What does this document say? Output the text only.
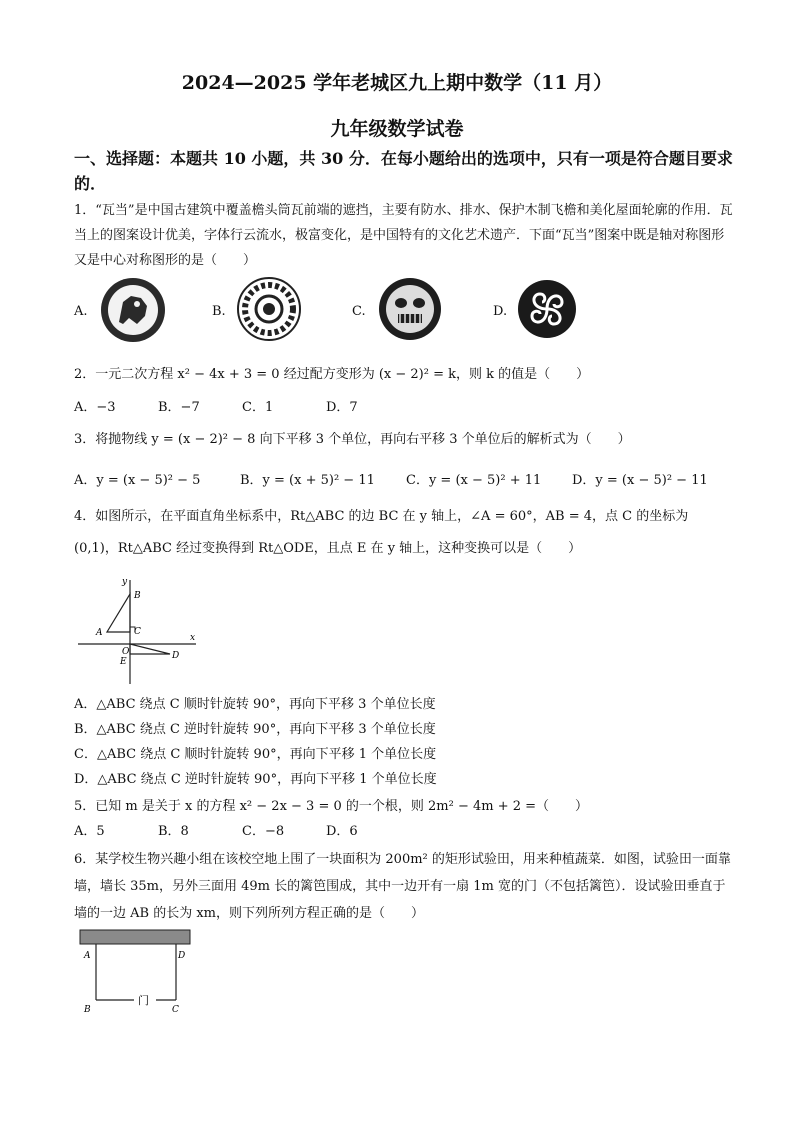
2024—2025 学年老城区九上期中数学（11 月）
九年级数学试卷
一、选择题：本题共 10 小题，共 30 分．在每小题给出的选项中，只有一项是符合题目要求的．
1．“瓦当”是中国古建筑中覆盖檐头筒瓦前端的遮挡，主要有防水、排水、保护木制飞檐和美化屋面轮廓的作用．瓦当上的图案设计优美，字体行云流水，极富变化，是中国特有的文化艺术遗产．下面“瓦当”图案中既是轴对称图形又是中心对称图形的是（　　）
A.	B.	C.	D.
2．一元二次方程 x² − 4x + 3 = 0 经过配方变形为 (x − 2)² = k，则 k 的值是（　　）
A．−3	B．−7	C．1	D．7
3．将抛物线 y = (x − 2)² − 8 向下平移 3 个单位，再向右平移 3 个单位后的解析式为（　　）
A．y = (x − 5)² − 5	B．y = (x + 5)² − 11 C．y = (x − 5)² + 11 D．y = (x − 5)² − 11
4．如图所示，在平面直角坐标系中，Rt△ABC 的边 BC 在 y 轴上，∠A = 60°，AB = 4，点 C 的坐标为
(0,1)，Rt△ABC 经过变换得到 Rt△ODE，且点 E 在 y 轴上，这种变换可以是（　　）
y
B
A	C
O
x
E
D
A．△ABC 绕点 C 顺时针旋转 90°，再向下平移 3 个单位长度
B．△ABC 绕点 C 逆时针旋转 90°，再向下平移 3 个单位长度
C．△ABC 绕点 C 顺时针旋转 90°，再向下平移 1 个单位长度
D．△ABC 绕点 C 逆时针旋转 90°，再向下平移 1 个单位长度
5．已知 m 是关于 x 的方程 x² − 2x − 3 = 0 的一个根，则 2m² − 4m + 2 =（　　）
A．5	B．8	C．−8	D．6
6．某学校生物兴趣小组在该校空地上围了一块面积为 200m² 的矩形试验田，用来种植蔬菜．如图，试验田一面靠墙，墙长 35m，另外三面用 49m 长的篱笆围成，其中一边开有一扇 1m 宽的门（不包括篱笆）．设试验田垂直于墙的一边 AB 的长为 xm，则下列所列方程正确的是（　　）
A	D
B
门
C
